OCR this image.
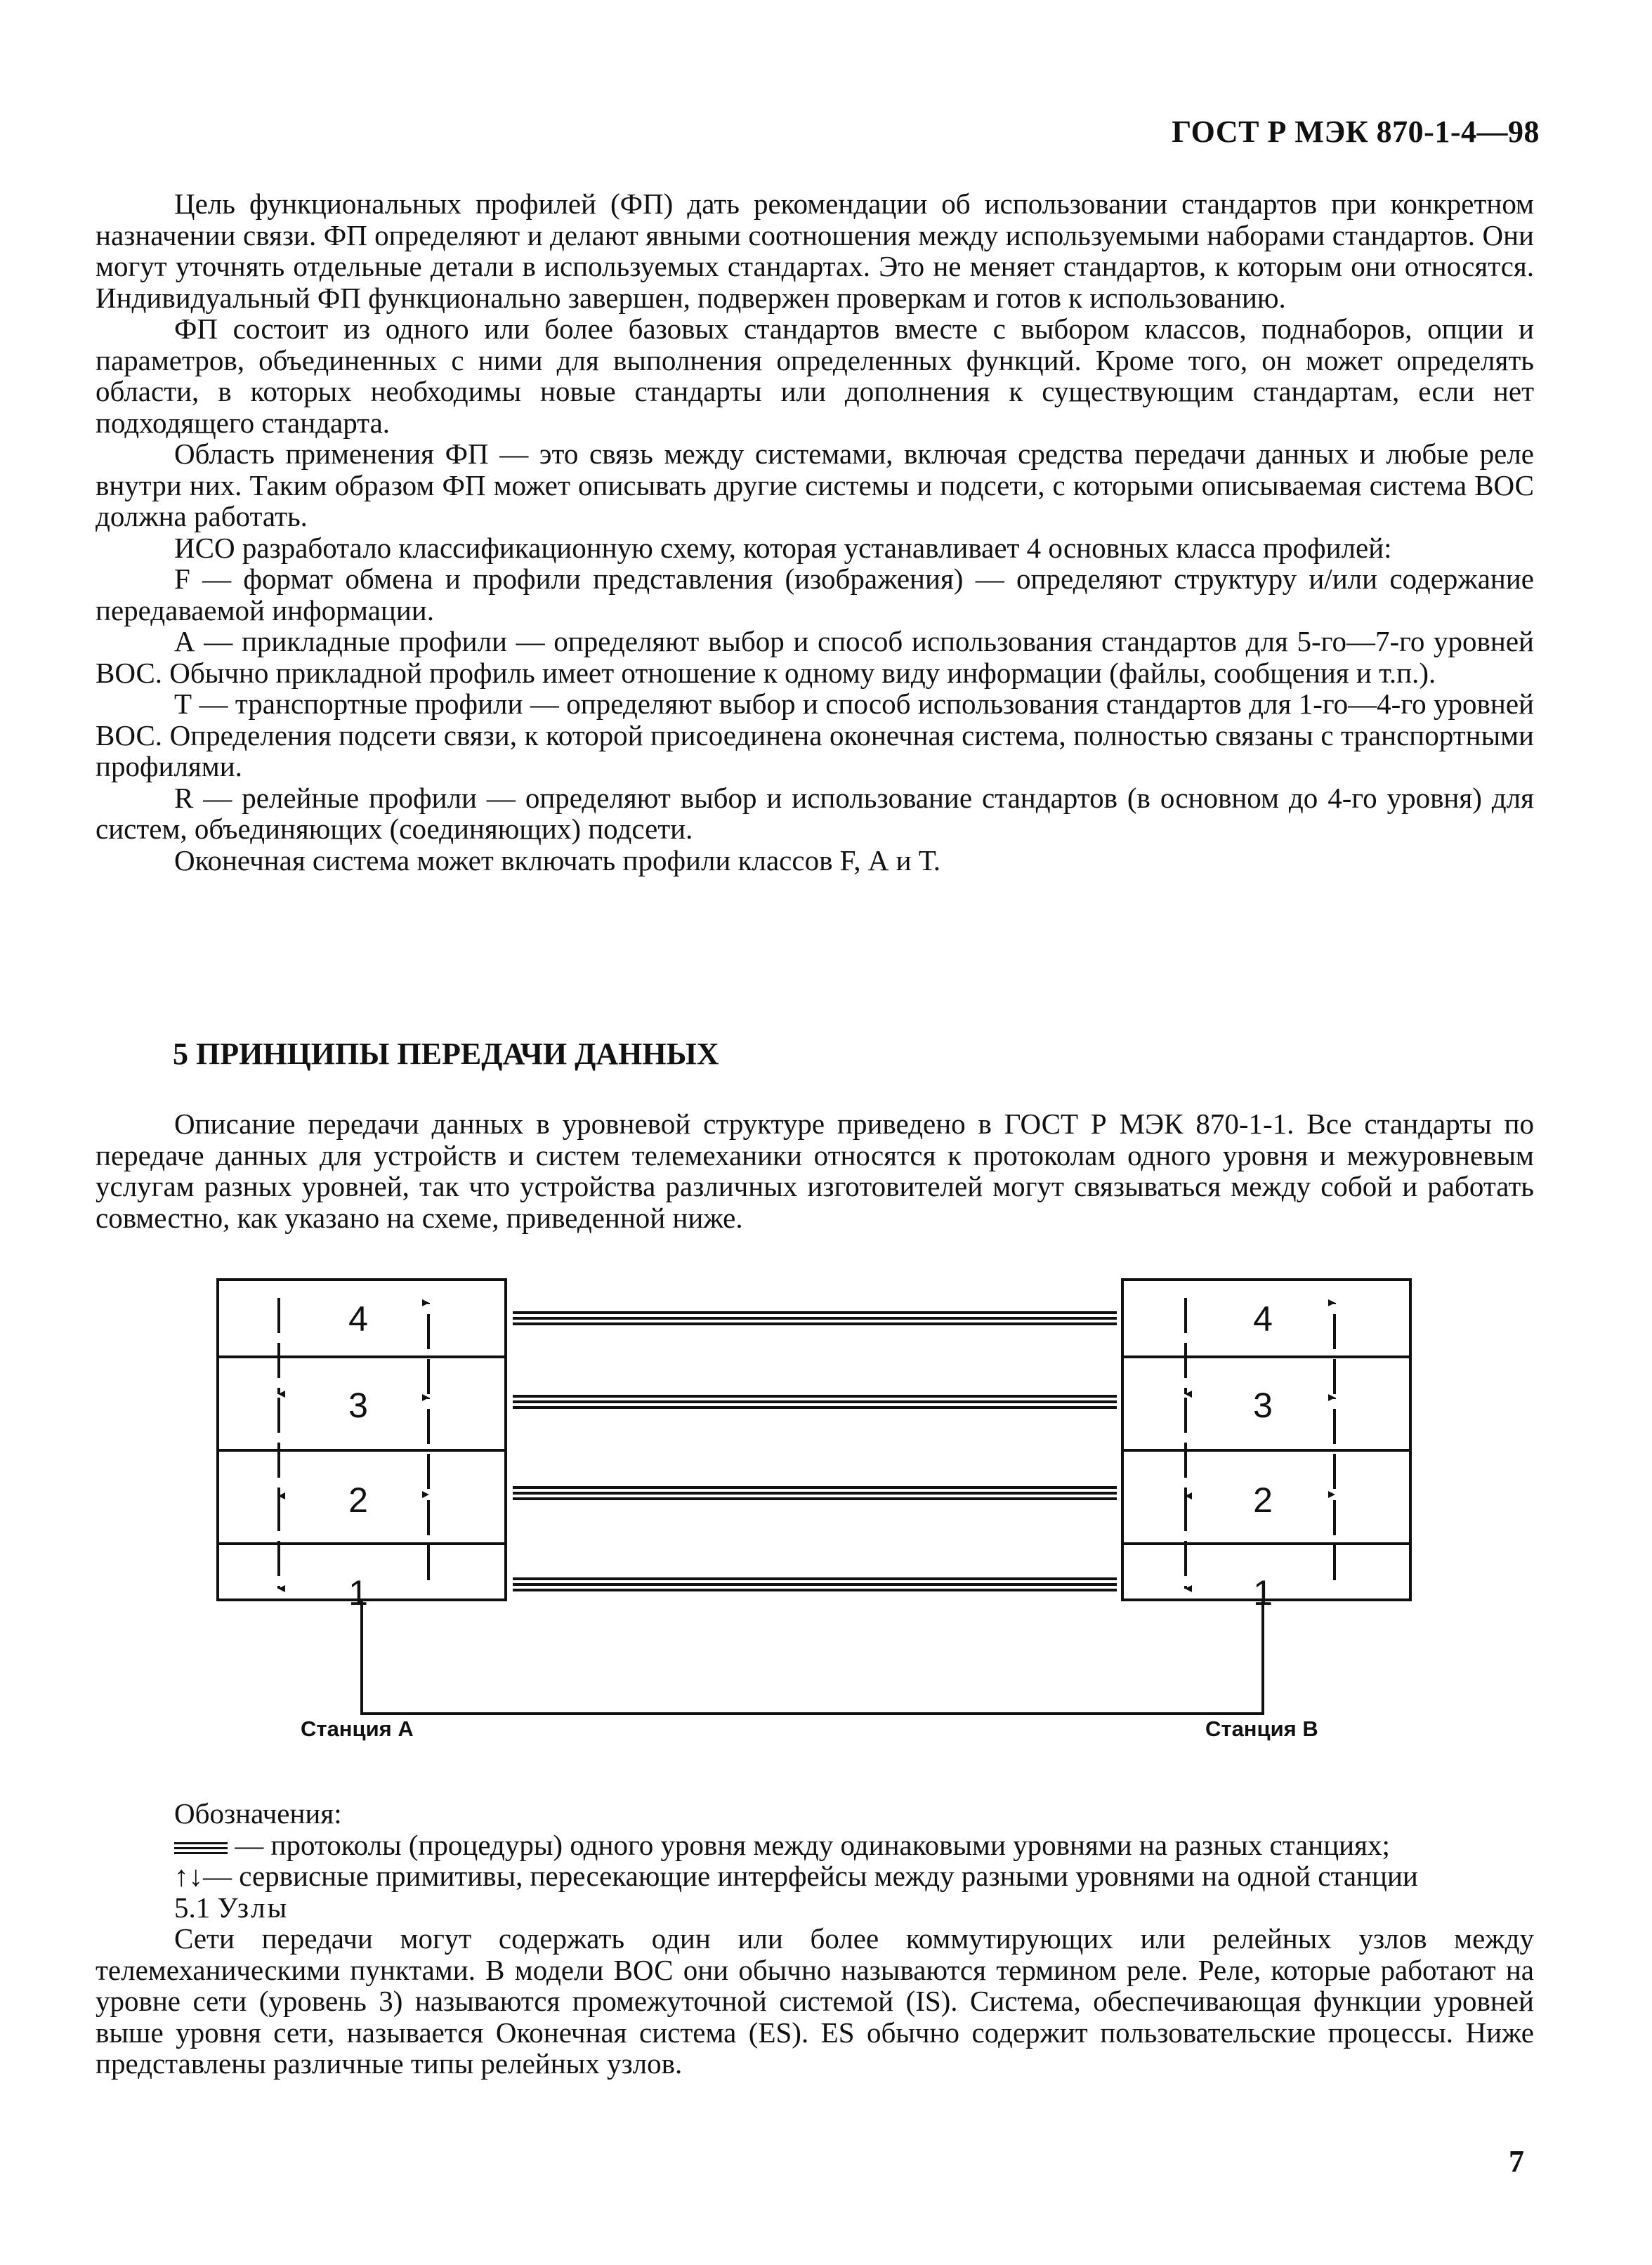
ГОСТ Р МЭК 870-1-4—98

Цель функциональных профилей (ФП) дать рекомендации об использовании стандартов при конкретном назначении связи. ФП определяют и делают явными соотношения между используемыми наборами стандартов. Они могут уточнять отдельные детали в используемых стандартах. Это не меняет стандартов, к которым они относятся. Индивидуальный ФП функционально завершен, подвержен проверкам и готов к использованию.

ФП состоит из одного или более базовых стандартов вместе с выбором классов, поднаборов, опции и параметров, объединенных с ними для выполнения определенных функций. Кроме того, он может определять области, в которых необходимы новые стандарты или дополнения к существующим стандартам, если нет подходящего стандарта.

Область применения ФП — это связь между системами, включая средства передачи данных и любые реле внутри них. Таким образом ФП может описывать другие системы и подсети, с которыми описываемая система ВОС должна работать.

ИСО разработало классификационную схему, которая устанавливает 4 основных класса профилей:

F — формат обмена и профили представления (изображения) — определяют структуру и/или содержание передаваемой информации.

А — прикладные профили — определяют выбор и способ использования стандартов для 5-го—7-го уровней ВОС. Обычно прикладной профиль имеет отношение к одному виду информации (файлы, сообщения и т.п.).

Т — транспортные профили — определяют выбор и способ использования стандартов для 1-го—4-го уровней ВОС. Определения подсети связи, к которой присоединена оконечная система, полностью связаны с транспортными профилями.

R — релейные профили — определяют выбор и использование стандартов (в основном до 4-го уровня) для систем, объединяющих (соединяющих) подсети.

Оконечная система может включать профили классов F, А и Т.

5 ПРИНЦИПЫ ПЕРЕДАЧИ ДАННЫХ

Описание передачи данных в уровневой структуре приведено в ГОСТ Р МЭК 870-1-1. Все стандарты по передаче данных для устройств и систем телемеханики относятся к протоколам одного уровня и межуровневым услугам разных уровней, так что устройства различных изготовителей могут связываться между собой и работать совместно, как указано на схеме, приведенной ниже.

4
3
2
1
4
3
2
1
Станция А	Станция В

Обозначения:

— протоколы (процедуры) одного уровня между одинаковыми уровнями на разных станциях;

↑↓— сервисные примитивы, пересекающие интерфейсы между разными уровнями на одной станции

5.1 Узлы

Сети передачи могут содержать один или более коммутирующих или релейных узлов между телемеханическими пунктами. В модели ВОС они обычно называются термином реле. Реле, которые работают на уровне сети (уровень 3) называются промежуточной системой (IS). Система, обеспечивающая функции уровней выше уровня сети, называется Оконечная система (ES). ES обычно содержит пользовательские процессы. Ниже представлены различные типы релейных узлов.

7
